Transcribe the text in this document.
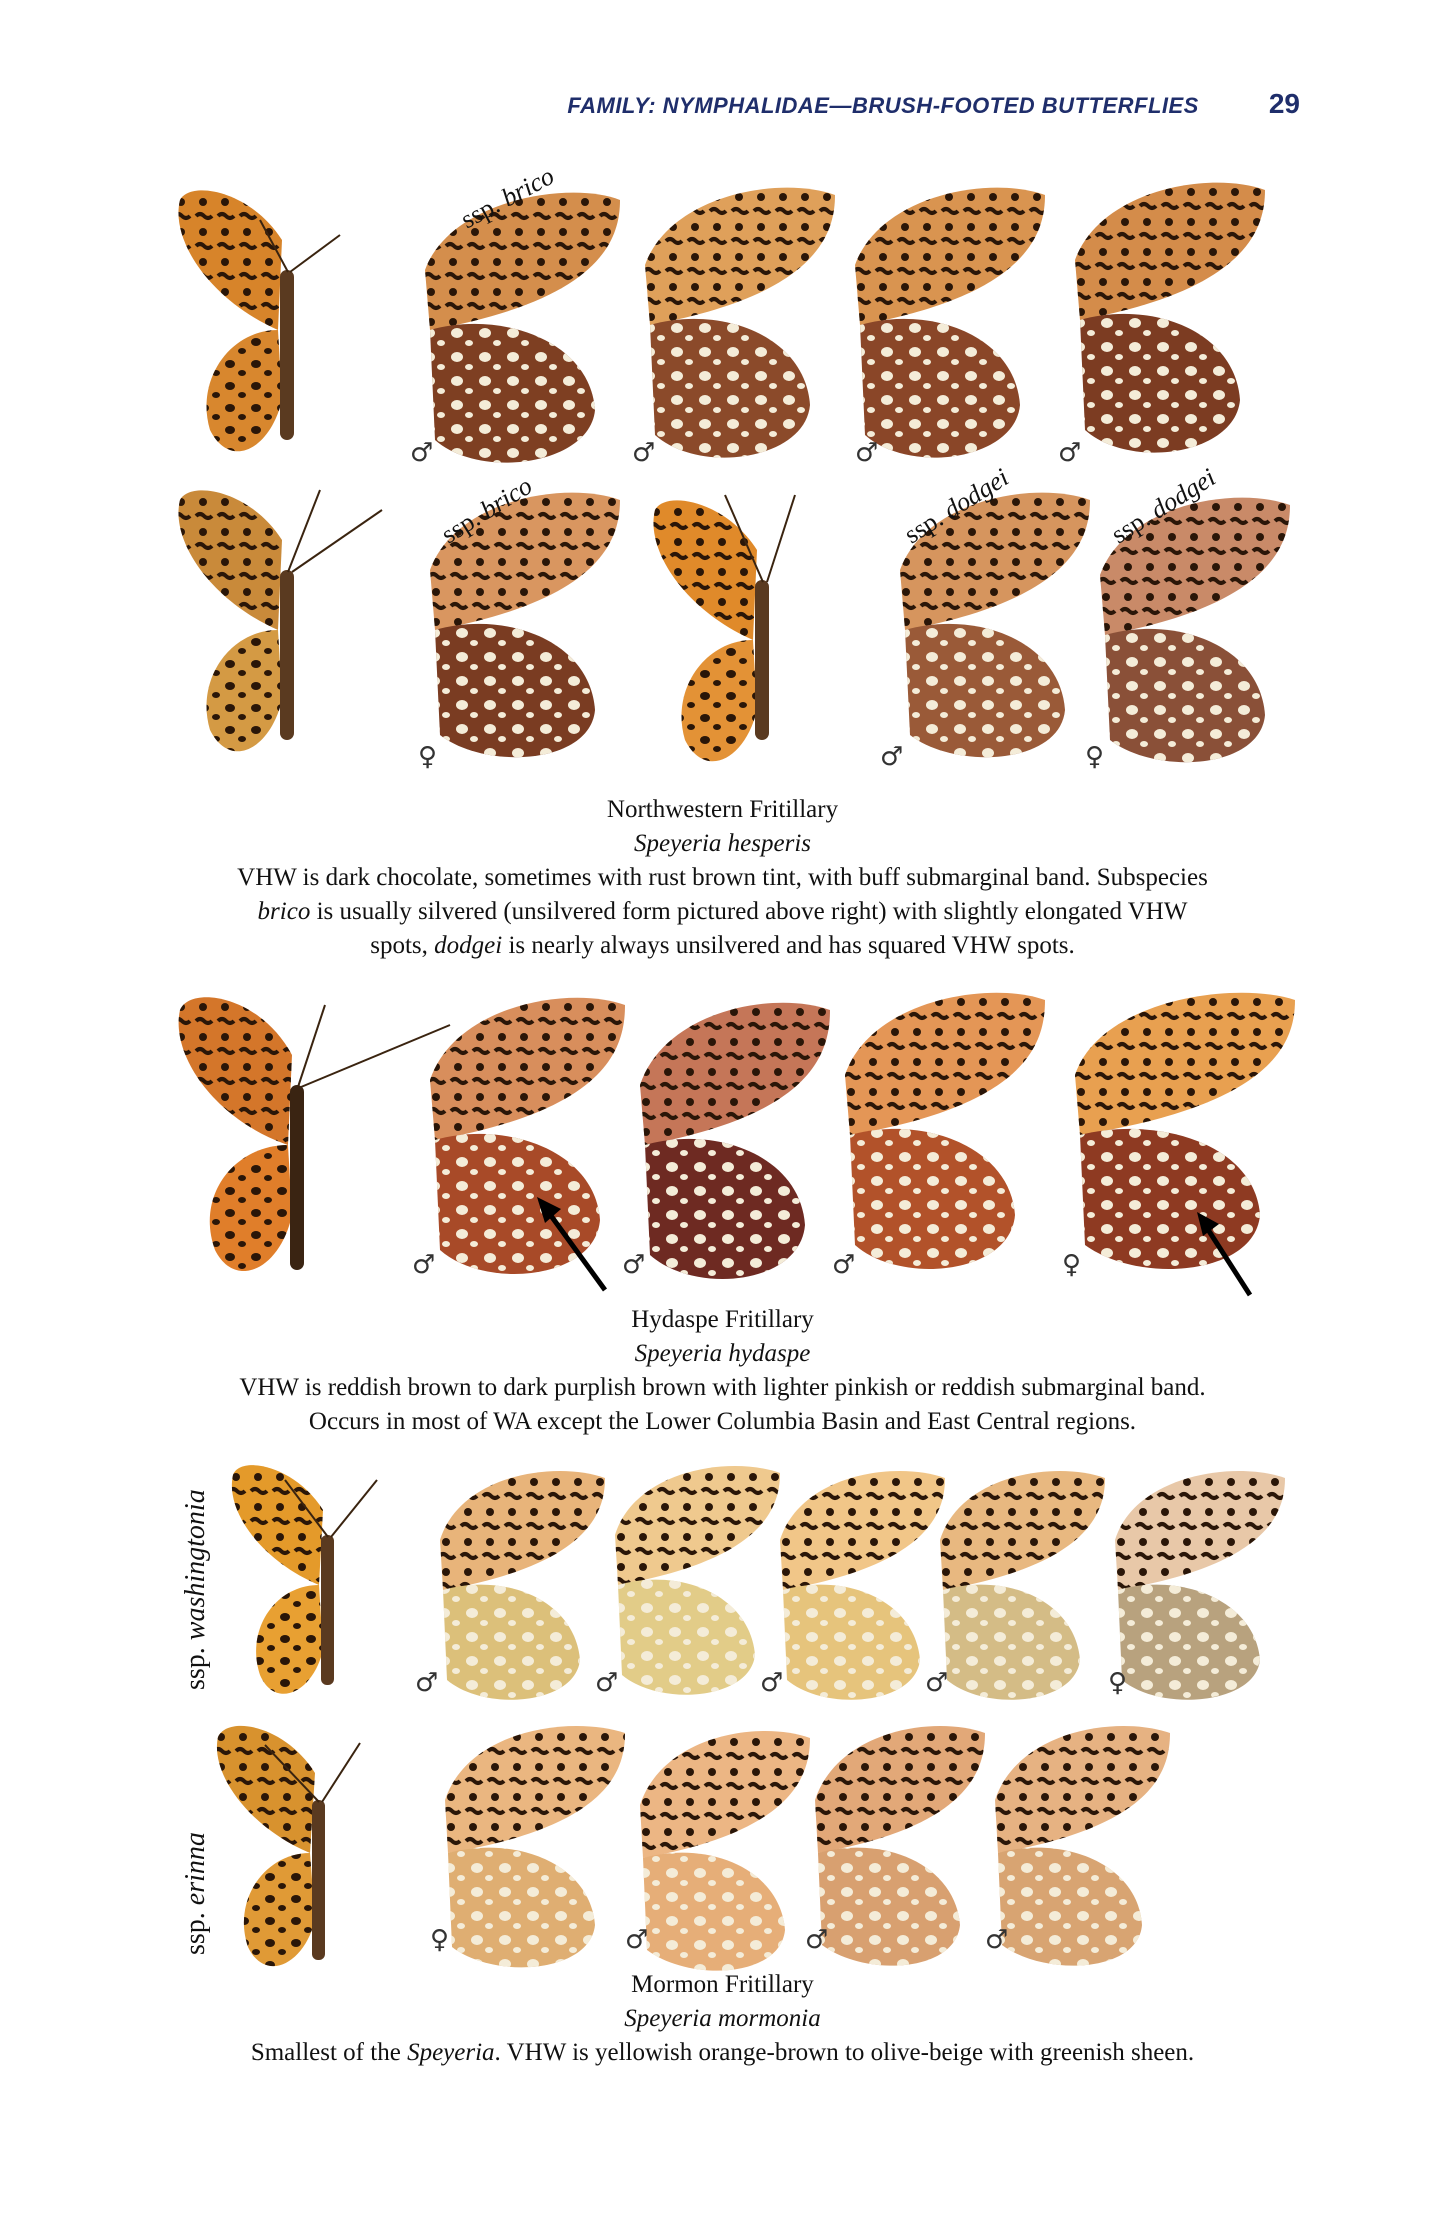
FAMILY: NYMPHALIDAE—BRUSH-FOOTED BUTTERFLIES	29
ssp. brico
♂	♂	♂	♂
ssp. brico	ssp. dodgei	ssp. dodgei
♀	♂	♀
Northwestern Fritillary
Speyeria hesperis
VHW is dark chocolate, sometimes with rust brown tint, with buff submarginal band. Subspecies
brico is usually silvered (unsilvered form pictured above right) with slightly elongated VHW
spots, dodgei is nearly always unsilvered and has squared VHW spots.
♂	♂	♂	♀
Hydaspe Fritillary
Speyeria hydaspe
VHW is reddish brown to dark purplish brown with lighter pinkish or reddish submarginal band.
Occurs in most of WA except the Lower Columbia Basin and East Central regions.
ssp. washingtonia
ssp. erinna
♂	♂	♂	♂	♀
♀	♂	♂	♂
Mormon Fritillary
Speyeria mormonia
Smallest of the Speyeria. VHW is yellowish orange-brown to olive-beige with greenish sheen.
